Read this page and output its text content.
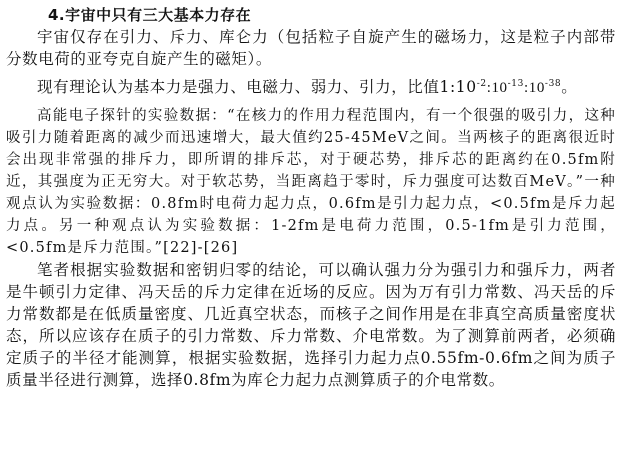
4.宇宙中只有三大基本力存在

宇宙仅存在引力、斥力、库仑力（包括粒子自旋产生的磁场力，这是粒子内部带分数电荷的亚夸克自旋产生的磁矩）。

现有理论认为基本力是强力、电磁力、弱力、引力，比值$1:10^{-2}:10^{-13}:10^{-38}$。

高能电子探针的实验数据：“在核力的作用力程范围内，有一个很强的吸引力，这种吸引力随着距离的减少而迅速增大，最大值约25-45MeV之间。当两核子的距离很近时会出现非常强的排斥力，即所谓的排斥芯，对于硬芯势，排斥芯的距离约在0.5fm附近，其强度为正无穷大。对于软芯势，当距离趋于零时，斥力强度可达数百MeV。”一种观点认为实验数据：0.8fm时电荷力起力点，0.6fm是引力起力点，<0.5fm是斥力起力点。另一种观点认为实验数据：1-2fm是电荷力范围，0.5-1fm是引力范围，<0.5fm是斥力范围。”[22]-[26]

笔者根据实验数据和密钥归零的结论，可以确认强力分为强引力和强斥力，两者是牛顿引力定律、冯天岳的斥力定律在近场的反应。因为万有引力常数、冯天岳的斥力常数都是在低质量密度、几近真空状态，而核子之间作用是在非真空高质量密度状态，所以应该存在质子的引力常数、斥力常数、介电常数。为了测算前两者，必须确定质子的半径才能测算，根据实验数据，选择引力起力点0.55fm-0.6fm之间为质子质量半径进行测算，选择0.8fm为库仑力起力点测算质子的介电常数。
